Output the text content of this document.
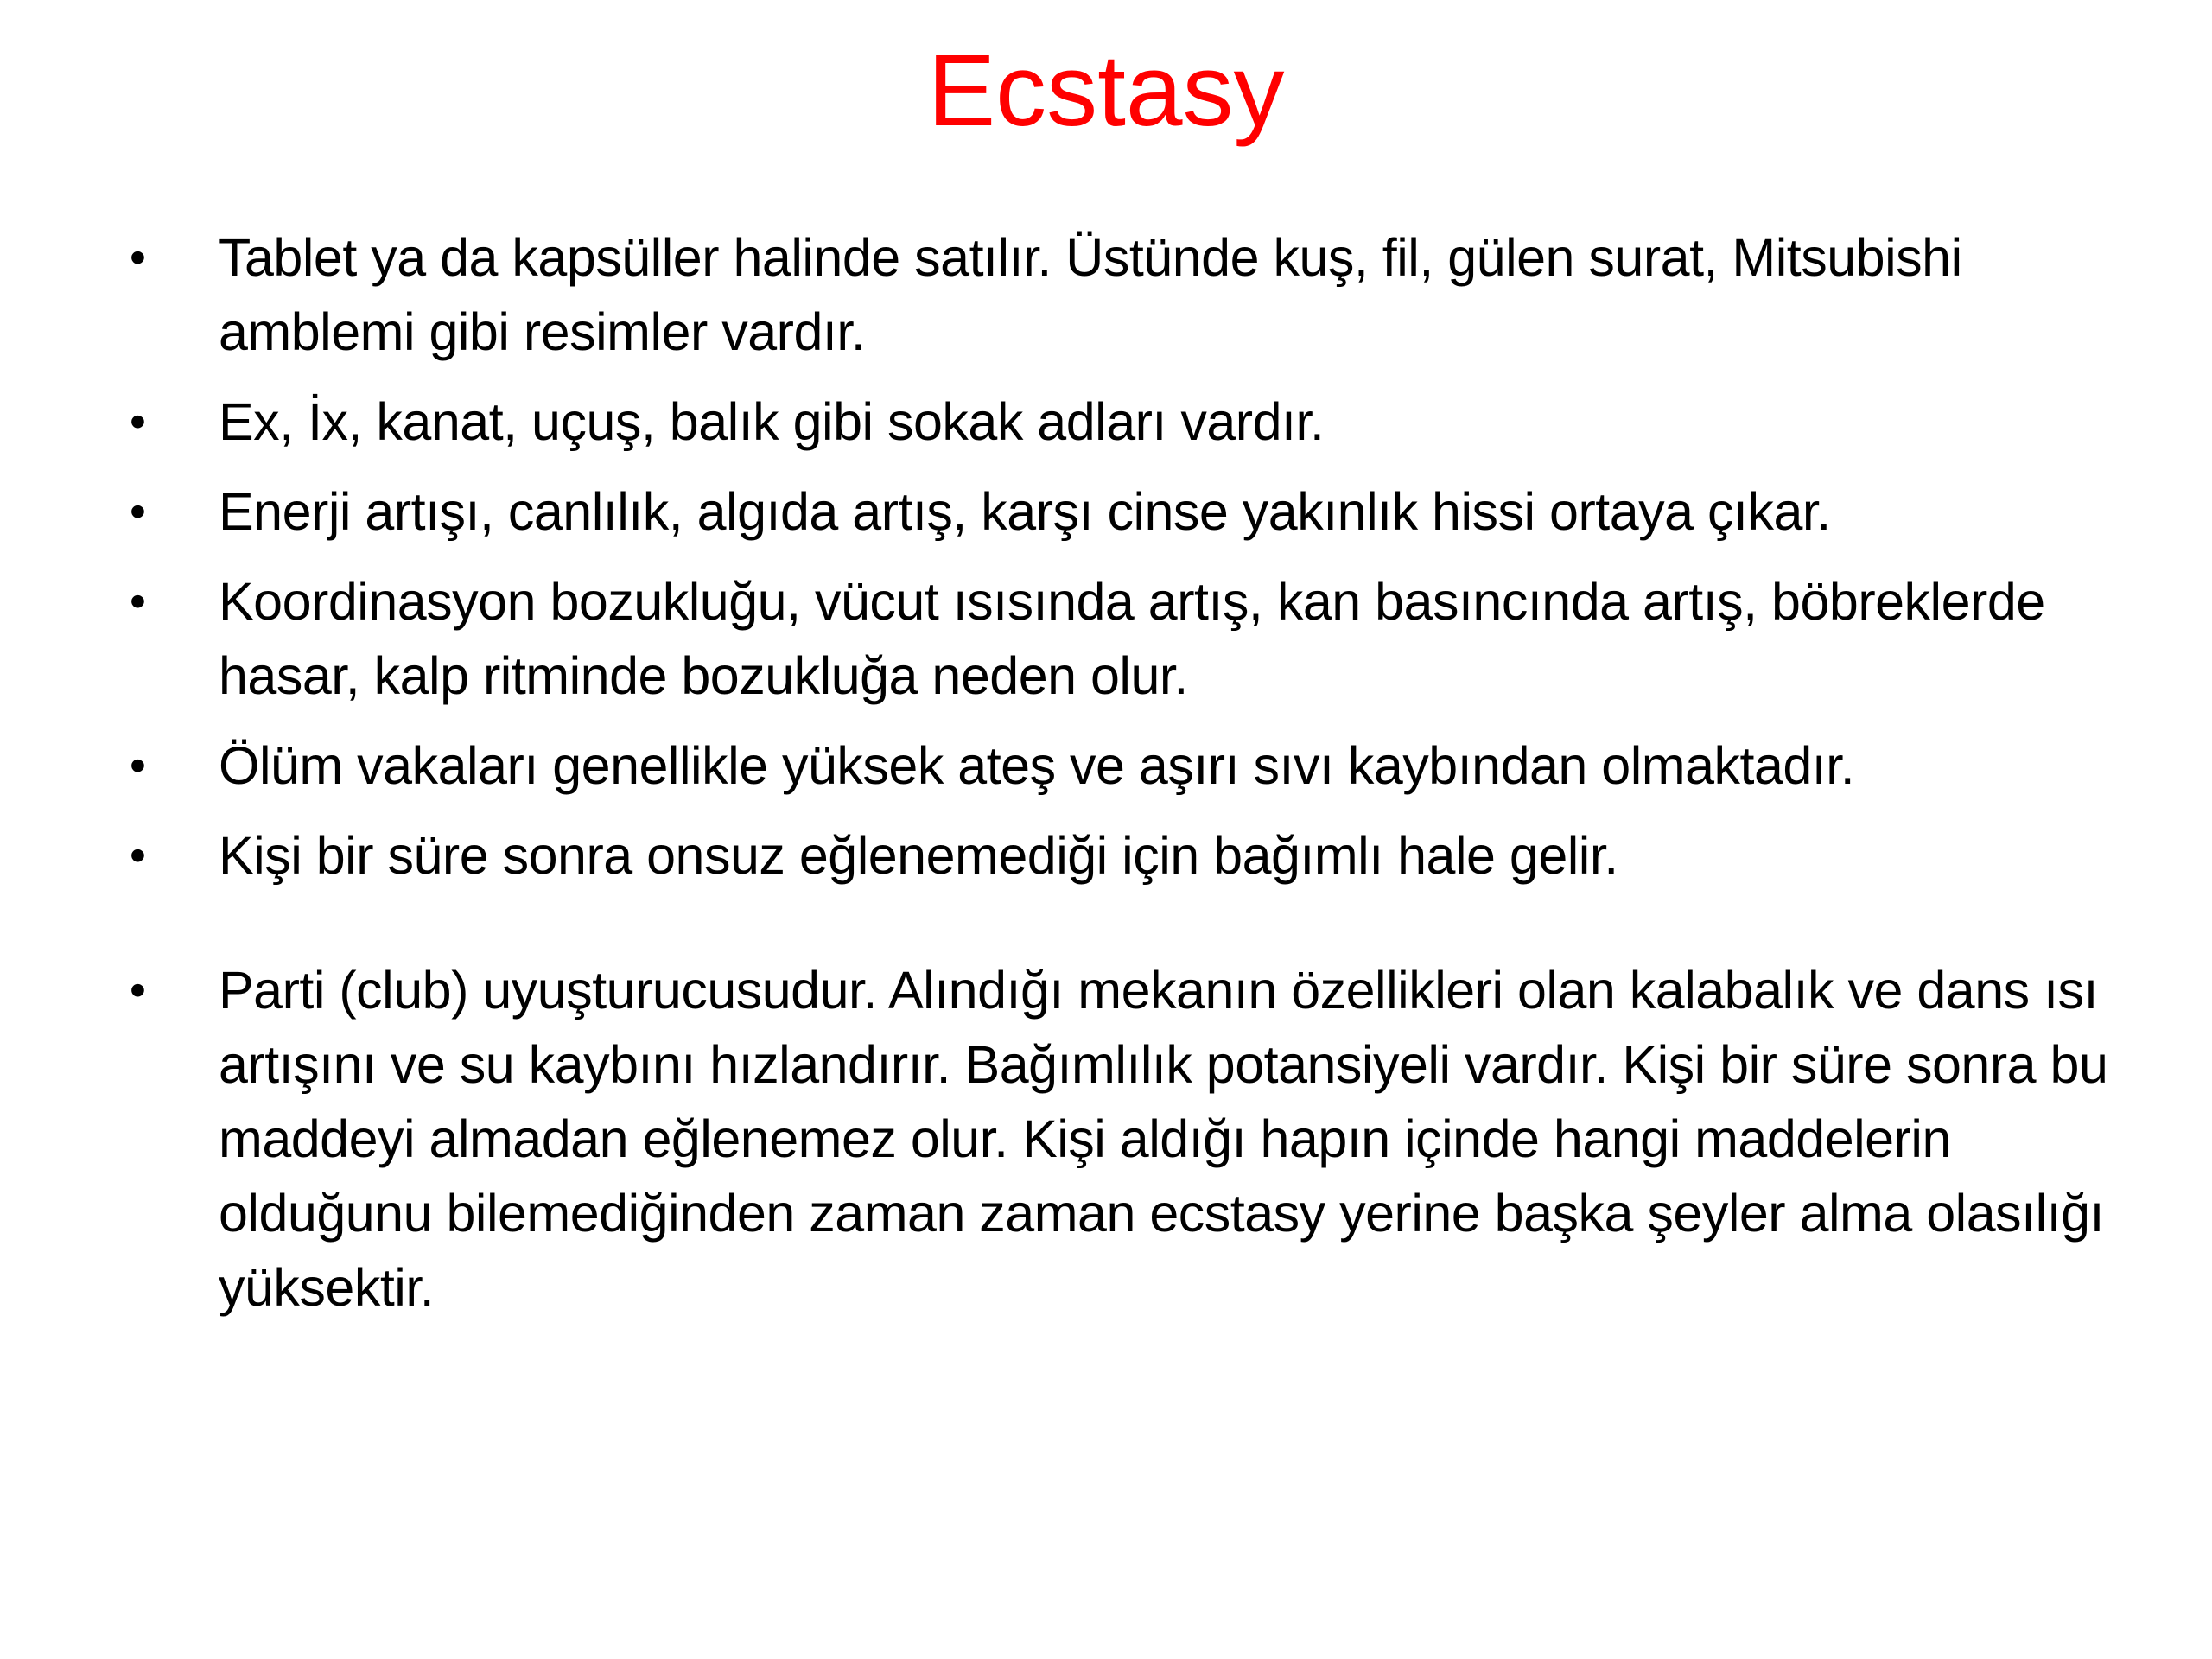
Ecstasy
•	Tablet ya da kapsüller halinde satılır. Üstünde kuş, fil, gülen surat, Mitsubishi amblemi gibi resimler vardır.
•	Ex, İx, kanat, uçuş, balık gibi sokak adları vardır.
•	Enerji artışı, canlılık, algıda artış, karşı cinse yakınlık hissi ortaya çıkar.
•	Koordinasyon bozukluğu, vücut ısısında artış, kan basıncında artış, böbreklerde hasar, kalp ritminde bozukluğa neden olur.
•	Ölüm vakaları genellikle yüksek ateş ve aşırı sıvı kaybından olmaktadır.
•	Kişi bir süre sonra onsuz eğlenemediği için bağımlı hale gelir.
•	Parti (club) uyuşturucusudur. Alındığı mekanın özellikleri olan kalabalık ve dans ısı artışını ve su kaybını hızlandırır. Bağımlılık potansiyeli vardır. Kişi bir süre sonra bu maddeyi almadan eğlenemez olur. Kişi aldığı hapın içinde hangi maddelerin olduğunu bilemediğinden zaman zaman ecstasy yerine başka şeyler alma olasılığı yüksektir.
